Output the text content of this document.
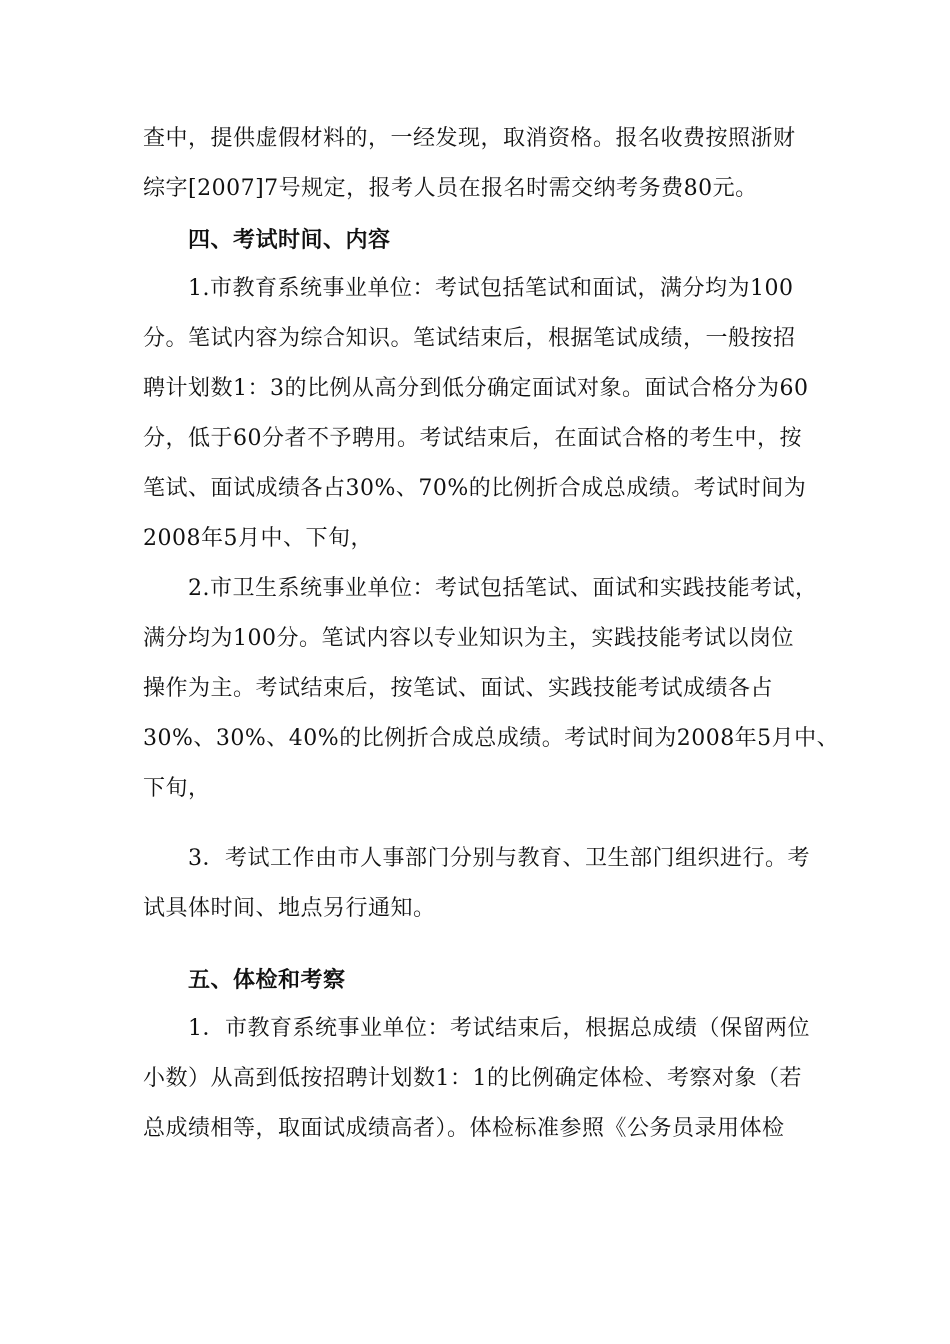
查中，提供虚假材料的，一经发现，取消资格。报名收费按照浙财
综字[2007]7号规定，报考人员在报名时需交纳考务费80元。
四、考试时间、内容
1.市教育系统事业单位：考试包括笔试和面试，满分均为100
分。笔试内容为综合知识。笔试结束后，根据笔试成绩，一般按招
聘计划数1：3的比例从高分到低分确定面试对象。面试合格分为60
分，低于60分者不予聘用。考试结束后，在面试合格的考生中，按
笔试、面试成绩各占30%、70%的比例折合成总成绩。考试时间为
2008年5月中、下旬，
2.市卫生系统事业单位：考试包括笔试、面试和实践技能考试，
满分均为100分。笔试内容以专业知识为主，实践技能考试以岗位
操作为主。考试结束后，按笔试、面试、实践技能考试成绩各占
30%、30%、40%的比例折合成总成绩。考试时间为2008年5月中、
下旬，
3．考试工作由市人事部门分别与教育、卫生部门组织进行。考
试具体时间、地点另行通知。
五、体检和考察
1．市教育系统事业单位：考试结束后，根据总成绩（保留两位
小数）从高到低按招聘计划数1：1的比例确定体检、考察对象（若
总成绩相等，取面试成绩高者）。体检标准参照《公务员录用体检
